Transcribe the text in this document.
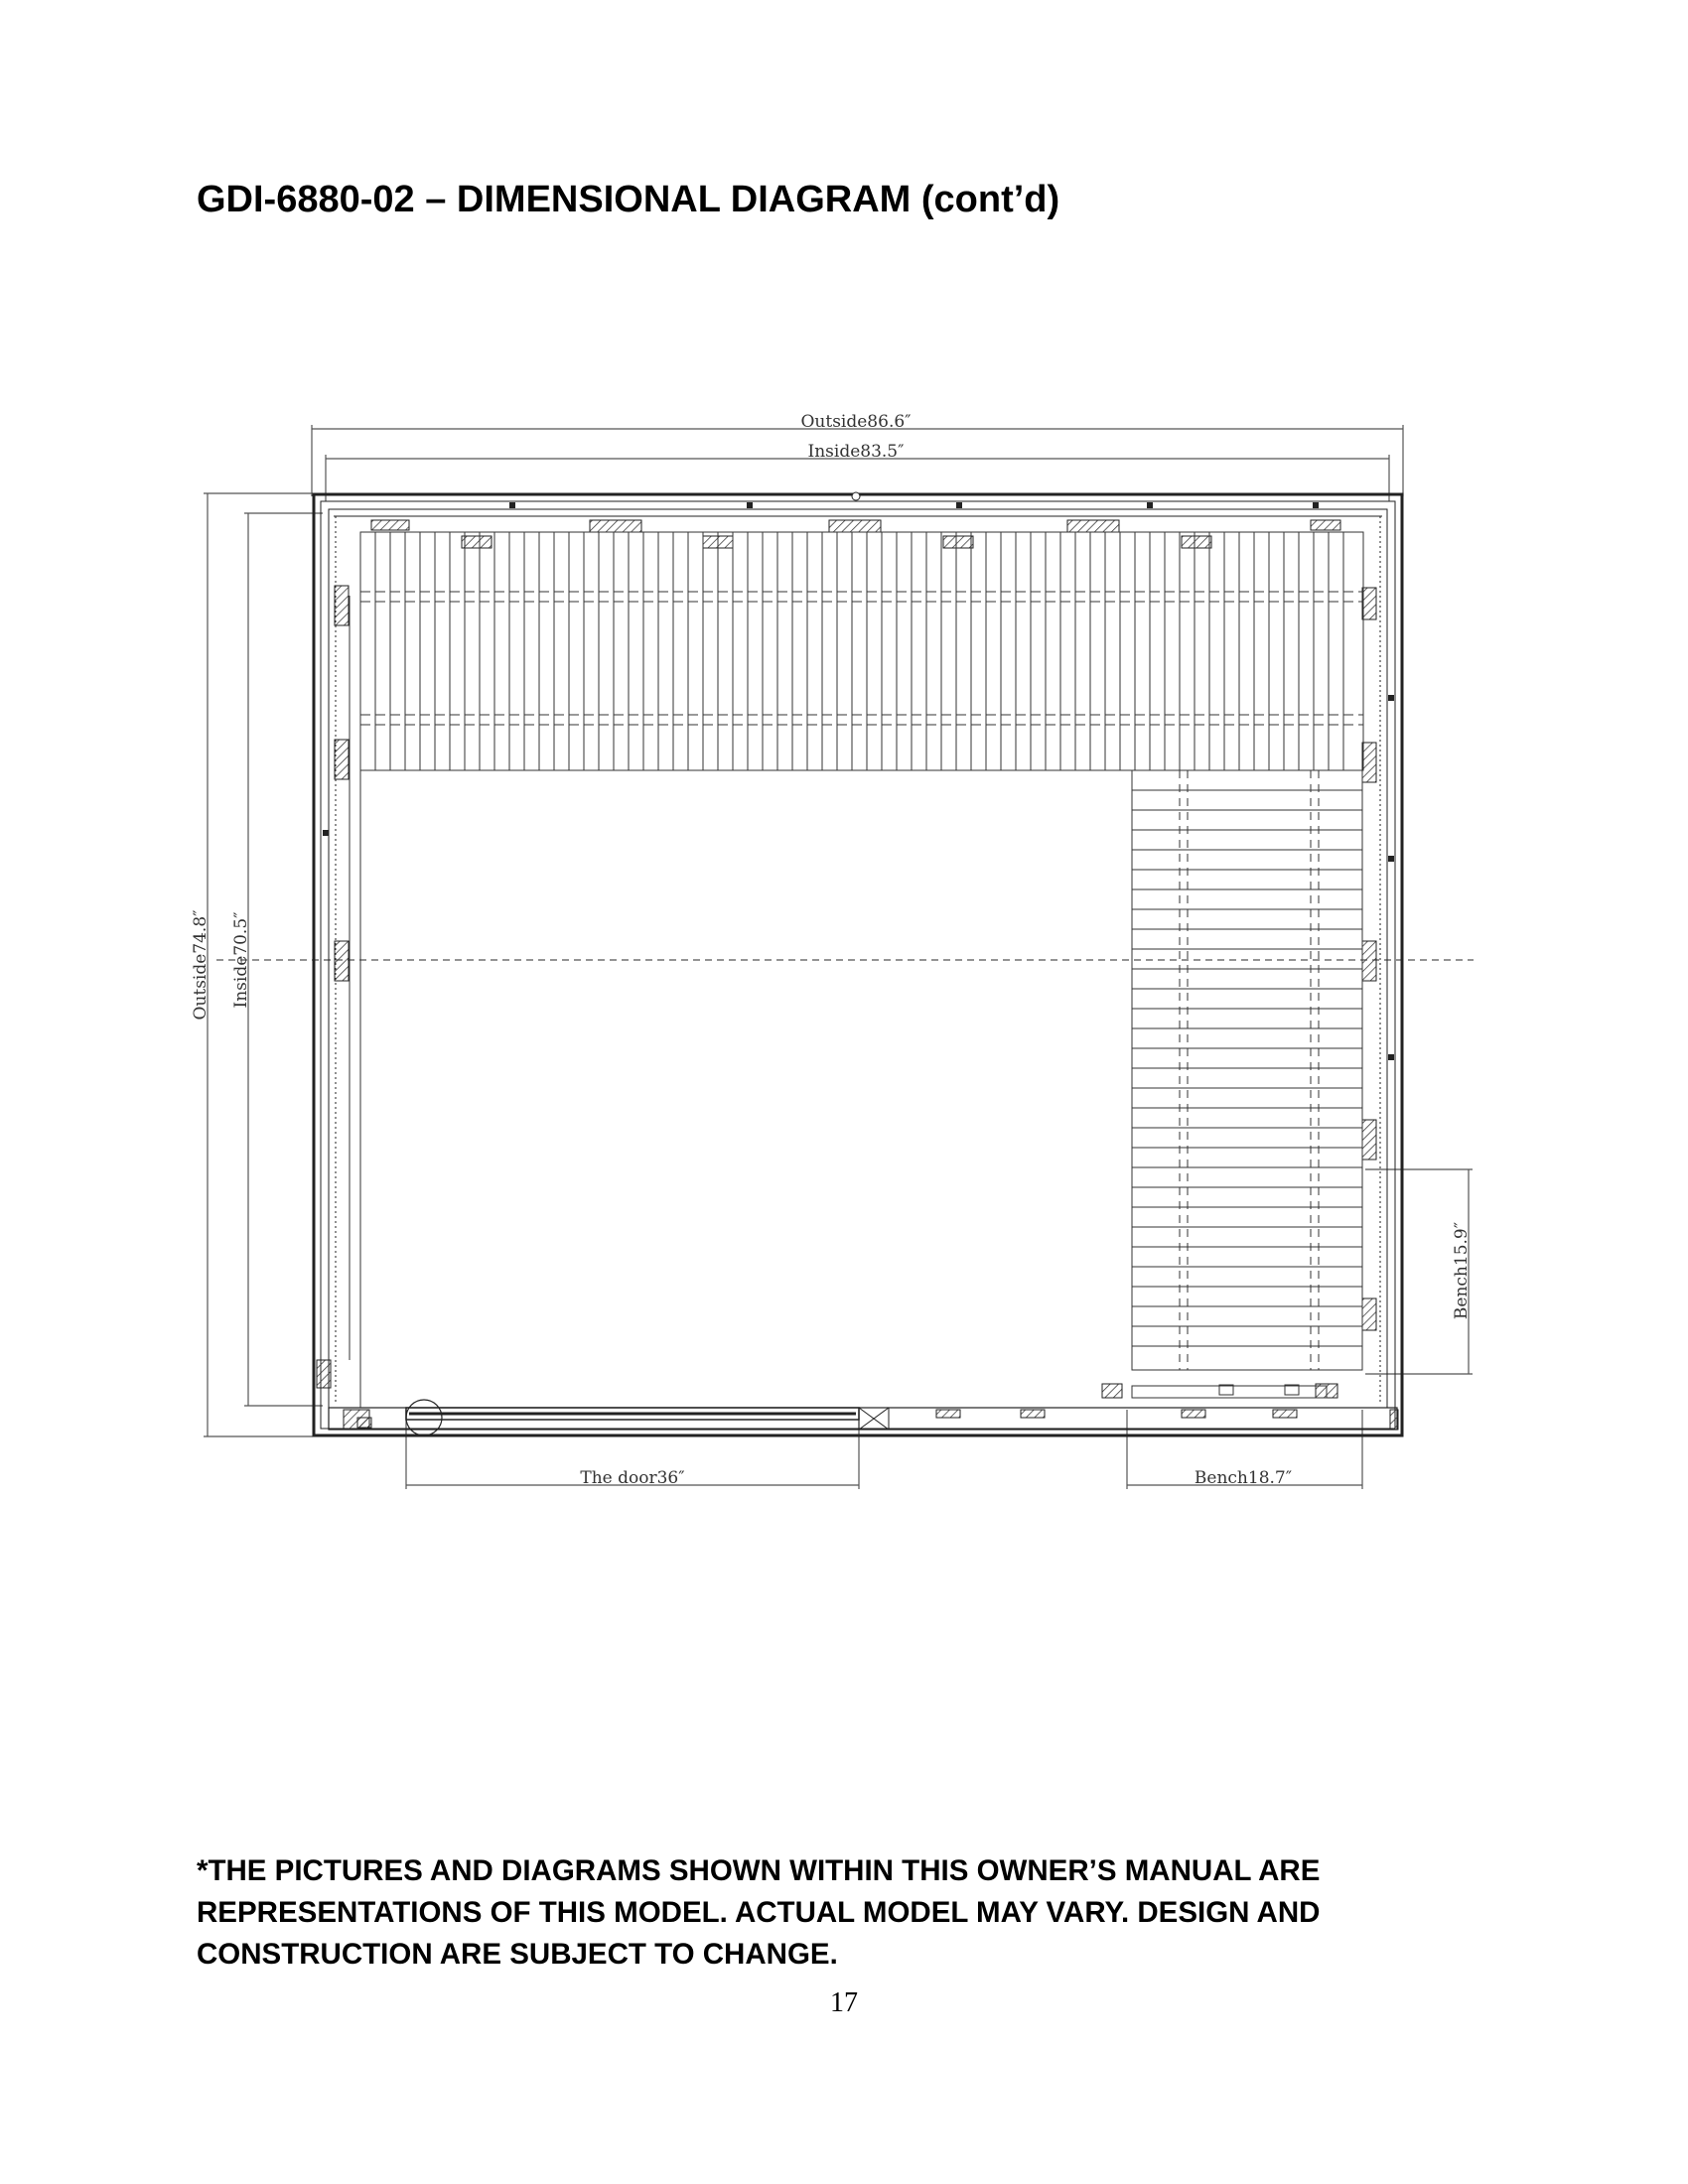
GDI-6880-02 – DIMENSIONAL DIAGRAM (cont’d)
Outside86.6″
Inside83.5″
Outside74.8″ Inside70.5″
The door36″	Bench18.7″
Bench15.9″

*THE PICTURES AND DIAGRAMS SHOWN WITHIN THIS OWNER’S MANUAL ARE REPRESENTATIONS OF THIS MODEL. ACTUAL MODEL MAY VARY. DESIGN AND CONSTRUCTION ARE SUBJECT TO CHANGE.

17
